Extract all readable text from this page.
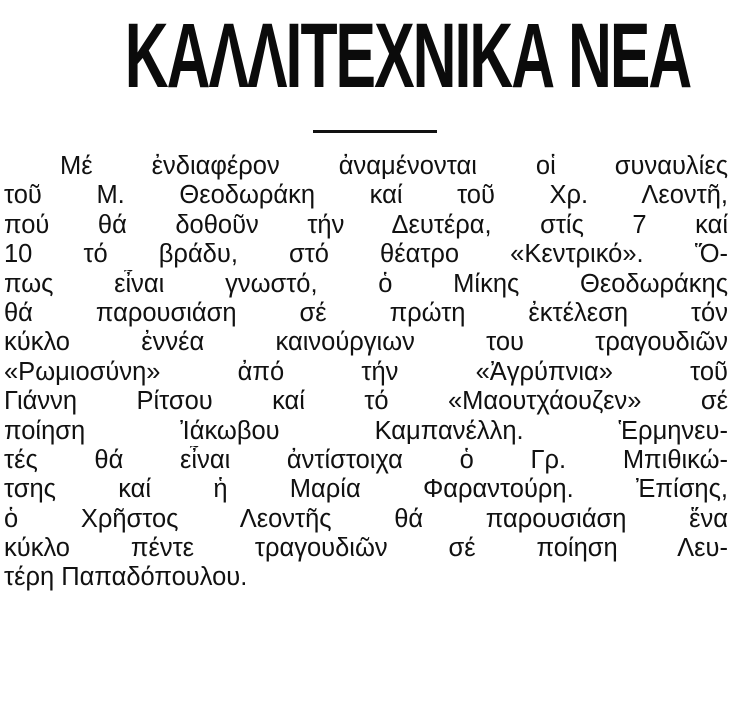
ΚΑΛΛΙΤΕΧΝΙΚΑ ΝΕΑ
Μέ ἐνδιαφέρον ἀναμένονται οἱ συναυλίες
τοῦ Μ. Θεοδωράκη καί τοῦ Χρ. Λεοντῆ,
πού θά δοθοῦν τήν Δευτέρα, στίς 7 καί
10 τό βράδυ, στό θέατρο «Κεντρικό». Ὅ-
πως εἶναι γνωστό, ὁ Μίκης Θεοδωράκης
θά παρουσιάση σέ πρώτη ἐκτέλεση τόν
κύκλο ἐννέα καινούργιων του τραγουδιῶν
«Ρωμιοσύνη» ἀπό τήν «Ἀγρύπνια» τοῦ
Γιάννη Ρίτσου καί τό «Μαουτχάουζεν» σέ
ποίηση Ἰάκωβου Καμπανέλλη. Ἑρμηνευ-
τές θά εἶναι ἀντίστοιχα ὁ Γρ. Μπιθικώ-
τσης καί ἡ Μαρία Φαραντούρη. Ἐπίσης,
ὁ Χρῆστος Λεοντῆς θά παρουσιάση ἕνα
κύκλο πέντε τραγουδιῶν σέ ποίηση Λευ-
τέρη Παπαδόπουλου.
